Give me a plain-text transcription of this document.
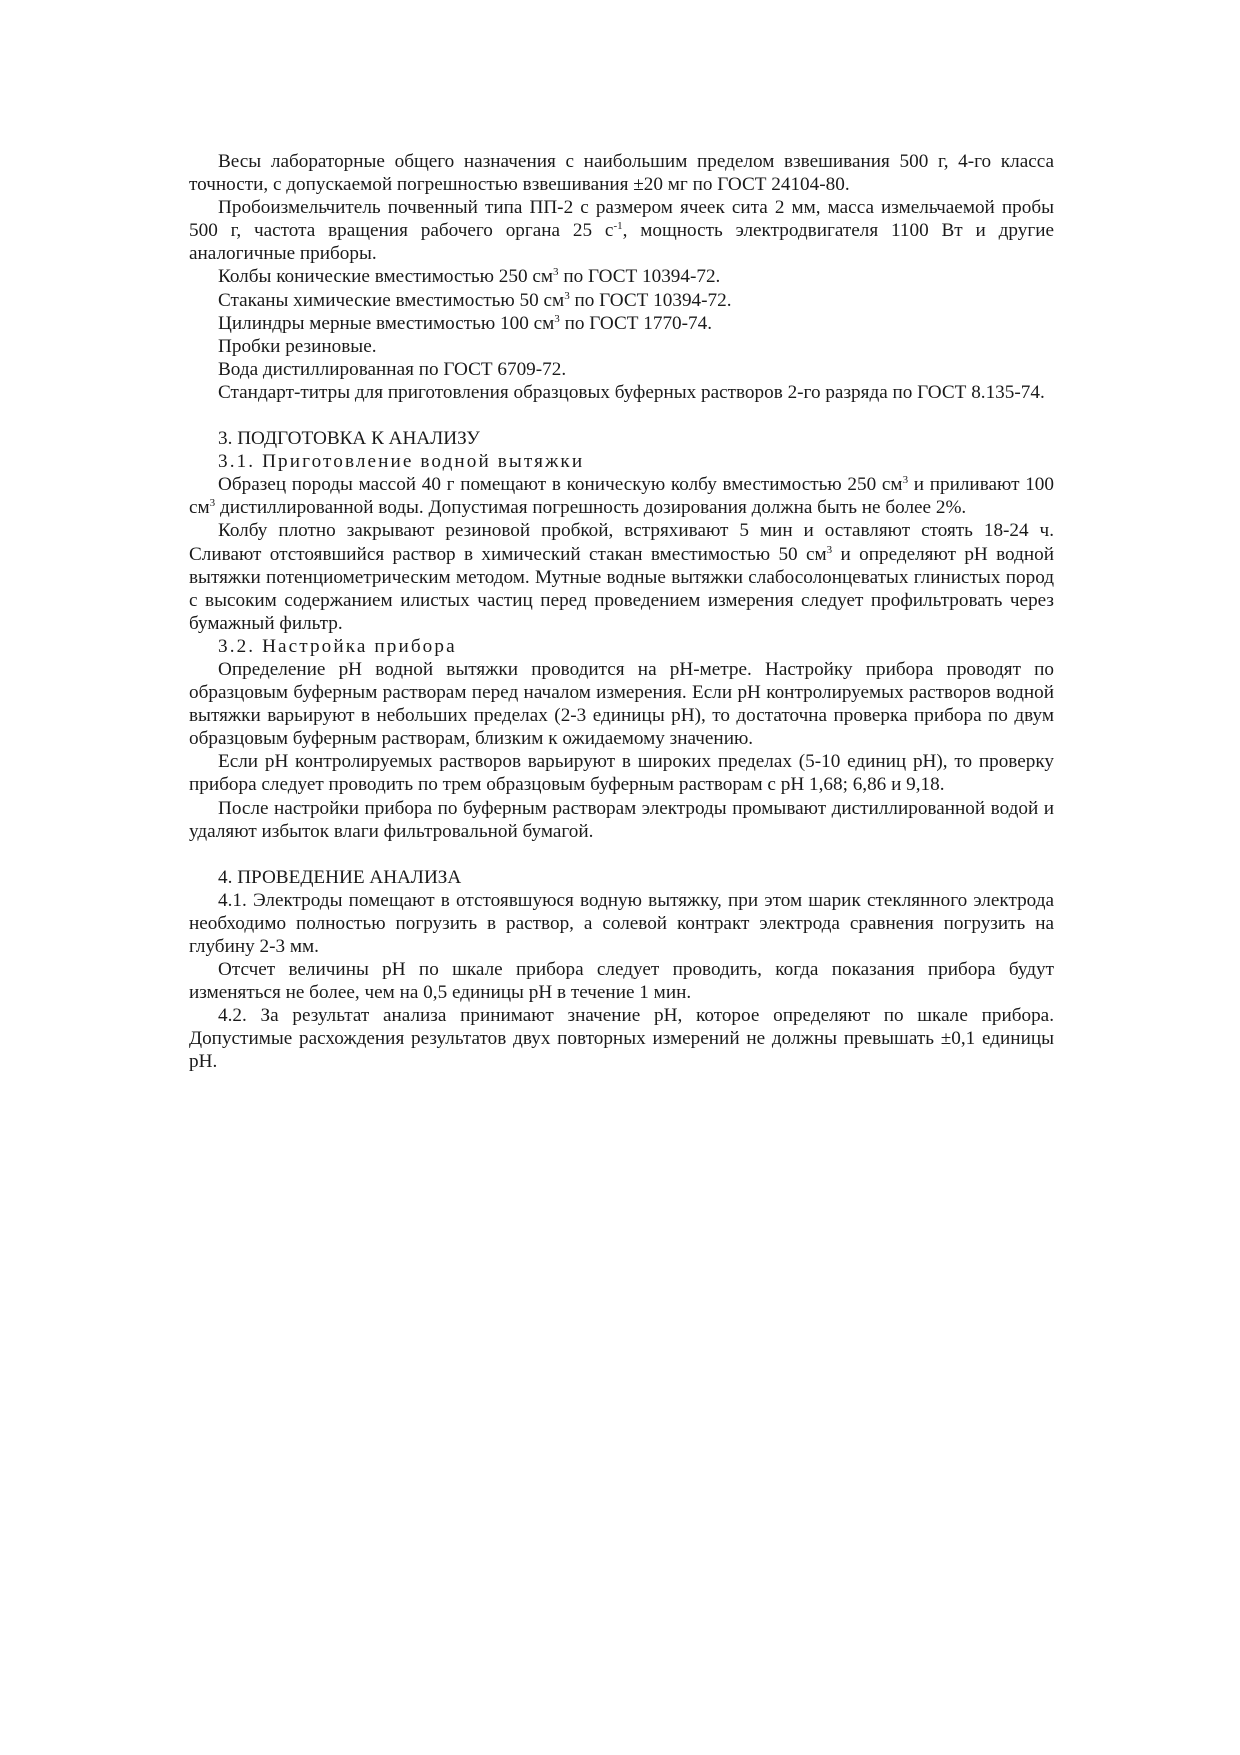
Весы лабораторные общего назначения с наибольшим пределом взвешивания 500 г, 4-го класса точности, с допускаемой погрешностью взвешивания ±20 мг по ГОСТ 24104-80.

Пробоизмельчитель почвенный типа ПП-2 с размером ячеек сита 2 мм, масса измельчаемой пробы 500 г, частота вращения рабочего органа 25 $с^{-1}$, мощность электродвигателя 1100 Вт и другие аналогичные приборы.

Колбы конические вместимостью 250 $см^3$ по ГОСТ 10394-72.

Стаканы химические вместимостью 50 $см^3$ по ГОСТ 10394-72.

Цилиндры мерные вместимостью 100 $см^3$ по ГОСТ 1770-74.

Пробки резиновые.

Вода дистиллированная по ГОСТ 6709-72.

Стандарт-титры для приготовления образцовых буферных растворов 2-го разряда по ГОСТ 8.135-74.

3. ПОДГОТОВКА К АНАЛИЗУ

3.1. Приготовление водной вытяжки

Образец породы массой 40 г помещают в коническую колбу вместимостью 250 $см^3$ и приливают 100 $см^3$ дистиллированной воды. Допустимая погрешность дозирования должна быть не более 2%.

Колбу плотно закрывают резиновой пробкой, встряхивают 5 мин и оставляют стоять 18-24 ч. Сливают отстоявшийся раствор в химический стакан вместимостью 50 $см^3$ и определяют рН водной вытяжки потенциометрическим методом. Мутные водные вытяжки слабосолонцеватых глинистых пород с высоким содержанием илистых частиц перед проведением измерения следует профильтровать через бумажный фильтр.

3.2. Настройка прибора

Определение рН водной вытяжки проводится на рН-метре. Настройку прибора проводят по образцовым буферным растворам перед началом измерения. Если рН контролируемых растворов водной вытяжки варьируют в небольших пределах (2-3 единицы рН), то достаточна проверка прибора по двум образцовым буферным растворам, близким к ожидаемому значению.

Если рН контролируемых растворов варьируют в широких пределах (5-10 единиц рН), то проверку прибора следует проводить по трем образцовым буферным растворам с рН 1,68; 6,86 и 9,18.

После настройки прибора по буферным растворам электроды промывают дистиллированной водой и удаляют избыток влаги фильтровальной бумагой.

4. ПРОВЕДЕНИЕ АНАЛИЗА

4.1. Электроды помещают в отстоявшуюся водную вытяжку, при этом шарик стеклянного электрода необходимо полностью погрузить в раствор, а солевой контракт электрода сравнения погрузить на глубину 2-3 мм.

Отсчет величины рН по шкале прибора следует проводить, когда показания прибора будут изменяться не более, чем на 0,5 единицы рН в течение 1 мин.

4.2. За результат анализа принимают значение рН, которое определяют по шкале прибора. Допустимые расхождения результатов двух повторных измерений не должны превышать ±0,1 единицы рН.
